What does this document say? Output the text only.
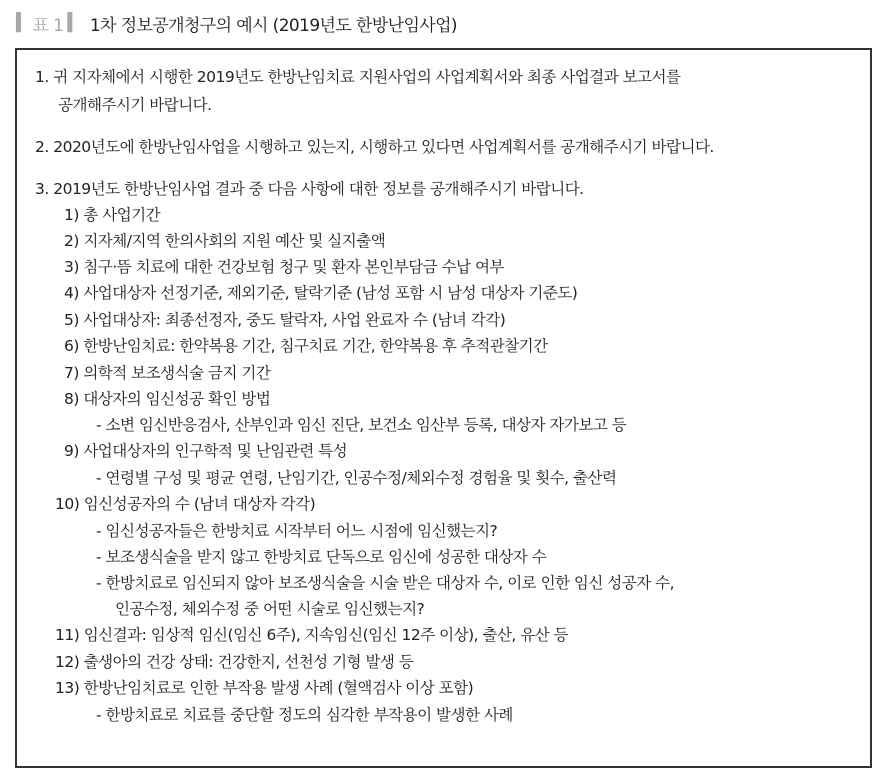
▍ 표 1 ▍ 1차 정보공개청구의 예시 (2019년도 한방난임사업)
1. 귀 지자체에서 시행한 2019년도 한방난임치료 지원사업의 사업계획서와 최종 사업결과 보고서를
공개해주시기 바랍니다.
2. 2020년도에 한방난임사업을 시행하고 있는지, 시행하고 있다면 사업계획서를 공개해주시기 바랍니다.
3. 2019년도 한방난임사업 결과 중 다음 사항에 대한 정보를 공개해주시기 바랍니다.
1) 총 사업기간
2) 지자체/지역 한의사회의 지원 예산 및 실지출액
3) 침구·뜸 치료에 대한 건강보험 청구 및 환자 본인부담금 수납 여부
4) 사업대상자 선정기준, 제외기준, 탈락기준 (남성 포함 시 남성 대상자 기준도)
5) 사업대상자: 최종선정자, 중도 탈락자, 사업 완료자 수 (남녀 각각)
6) 한방난임치료: 한약복용 기간, 침구치료 기간, 한약복용 후 추적관찰기간
7) 의학적 보조생식술 금지 기간
8) 대상자의 임신성공 확인 방법
- 소변 임신반응검사, 산부인과 임신 진단, 보건소 임산부 등록, 대상자 자가보고 등
9) 사업대상자의 인구학적 및 난임관련 특성
- 연령별 구성 및 평균 연령, 난임기간, 인공수정/체외수정 경험율 및 횟수, 출산력
10) 임신성공자의 수 (남녀 대상자 각각)
- 임신성공자들은 한방치료 시작부터 어느 시점에 임신했는지?
- 보조생식술을 받지 않고 한방치료 단독으로 임신에 성공한 대상자 수
- 한방치료로 임신되지 않아 보조생식술을 시술 받은 대상자 수, 이로 인한 임신 성공자 수,
인공수정, 체외수정 중 어떤 시술로 임신했는지?
11) 임신결과: 임상적 임신(임신 6주), 지속임신(임신 12주 이상), 출산, 유산 등
12) 출생아의 건강 상태: 건강한지, 선천성 기형 발생 등
13) 한방난임치료로 인한 부작용 발생 사례 (혈액검사 이상 포함)
- 한방치료로 치료를 중단할 정도의 심각한 부작용이 발생한 사례
